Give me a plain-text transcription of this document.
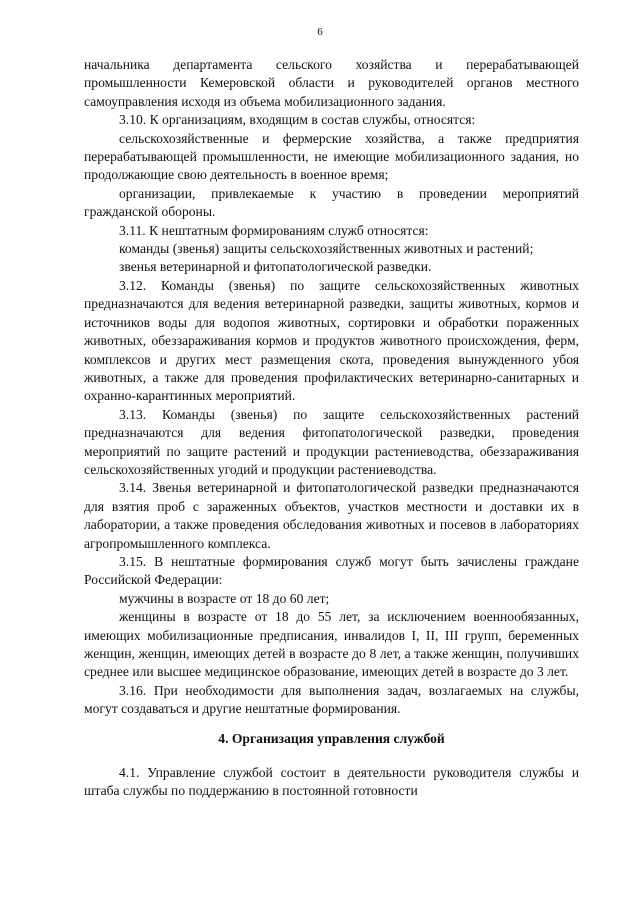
6

начальника департамента сельского хозяйства и перерабатывающей промышленности Кемеровской области и руководителей органов местного самоуправления исходя из объема мобилизационного задания.

3.10. К организациям, входящим в состав службы, относятся:

сельскохозяйственные и фермерские хозяйства, а также предприятия перерабатывающей промышленности, не имеющие мобилизационного задания, но продолжающие свою деятельность в военное время;

организации, привлекаемые к участию в проведении мероприятий гражданской обороны.

3.11. К нештатным формированиям служб относятся:

команды (звенья) защиты сельскохозяйственных животных и растений;

звенья ветеринарной и фитопатологической разведки.

3.12. Команды (звенья) по защите сельскохозяйственных животных предназначаются для ведения ветеринарной разведки, защиты животных, кормов и источников воды для водопоя животных, сортировки и обработки пораженных животных, обеззараживания кормов и продуктов животного происхождения, ферм, комплексов и других мест размещения скота, проведения вынужденного убоя животных, а также для проведения профилактических ветеринарно-санитарных и охранно-карантинных мероприятий.

3.13. Команды (звенья) по защите сельскохозяйственных растений предназначаются для ведения фитопатологической разведки, проведения мероприятий по защите растений и продукции растениеводства, обеззараживания сельскохозяйственных угодий и продукции растениеводства.

3.14. Звенья ветеринарной и фитопатологической разведки предназначаются для взятия проб с зараженных объектов, участков местности и доставки их в лаборатории, а также проведения обследования животных и посевов в лабораториях агропромышленного комплекса.

3.15. В нештатные формирования служб могут быть зачислены граждане Российской Федерации:

мужчины в возрасте от 18 до 60 лет;

женщины в возрасте от 18 до 55 лет, за исключением военнообязанных, имеющих мобилизационные предписания, инвалидов I, II, III групп, беременных женщин, женщин, имеющих детей в возрасте до 8 лет, а также женщин, получивших среднее или высшее медицинское образование, имеющих детей в возрасте до 3 лет.

3.16. При необходимости для выполнения задач, возлагаемых на службы, могут создаваться и другие нештатные формирования.

4. Организация управления службой

4.1. Управление службой состоит в деятельности руководителя службы и штаба службы по поддержанию в постоянной готовности
